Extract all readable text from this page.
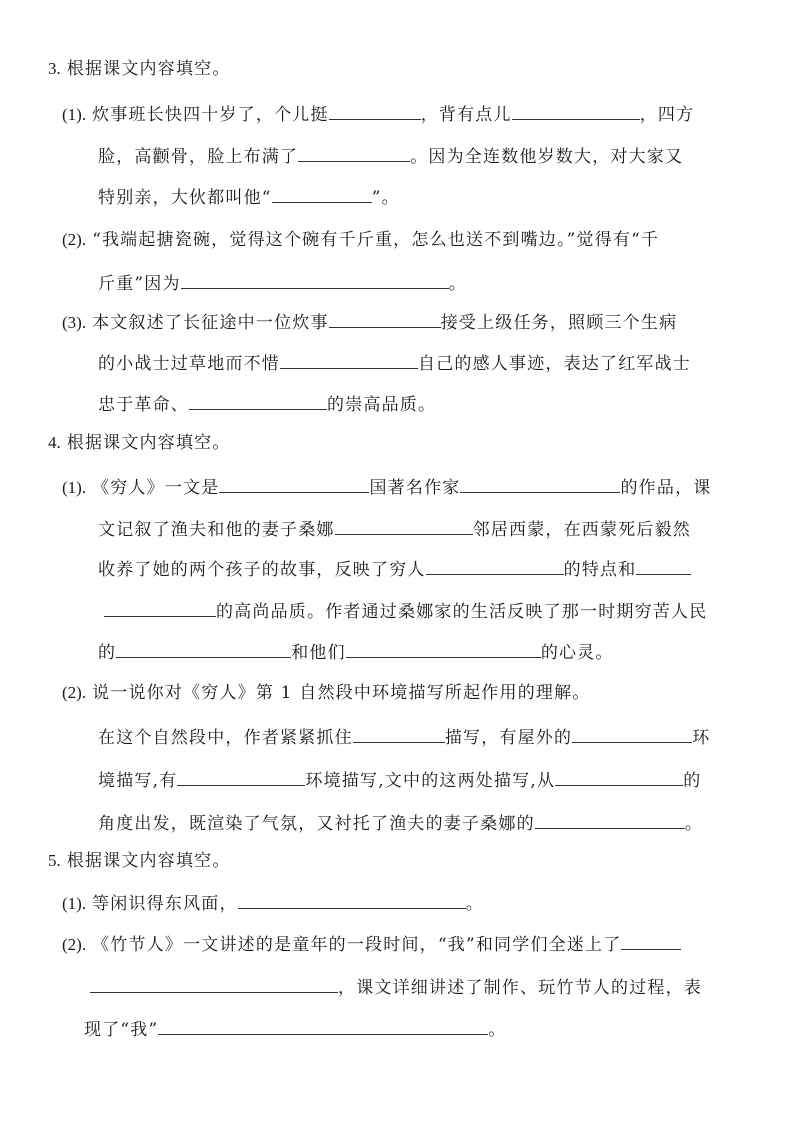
3. 根据课文内容填空。
(1). 炊事班长快四十岁了，个儿挺	，背有点儿	，四方
脸，高颧骨，脸上布满了	。因为全连数他岁数大，对大家又
特别亲，大伙都叫他“	”。
(2). “我端起搪瓷碗，觉得这个碗有千斤重，怎么也送不到嘴边。”觉得有“千
斤重”因为	。
(3). 本文叙述了长征途中一位炊事	接受上级任务，照顾三个生病
的小战士过草地而不惜	自己的感人事迹，表达了红军战士
忠于革命、	的崇高品质。
4. 根据课文内容填空。
(1). 《穷人》一文是	国著名作家	的作品，课
文记叙了渔夫和他的妻子桑娜	邻居西蒙，在西蒙死后毅然
收养了她的两个孩子的故事，反映了穷人	的特点和
的高尚品质。作者通过桑娜家的生活反映了那一时期穷苦人民
的	和他们	的心灵。
(2). 说一说你对《穷人》第 1 自然段中环境描写所起作用的理解。
在这个自然段中，作者紧紧抓住	描写，有屋外的	环
境描写,有	环境描写,文中的这两处描写,从	的
角度出发，既渲染了气氛，又衬托了渔夫的妻子桑娜的	。
5. 根据课文内容填空。
(1). 等闲识得东风面，	。
(2). 《竹节人》一文讲述的是童年的一段时间，“我”和同学们全迷上了
，课文详细讲述了制作、玩竹节人的过程，表
现了“我”	。
